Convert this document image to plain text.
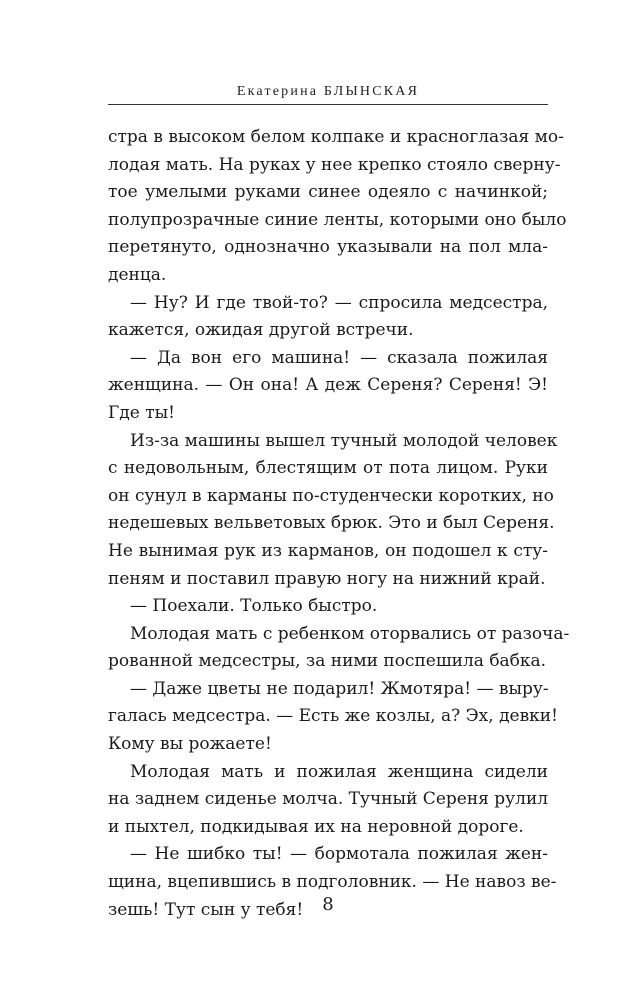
Екатерина БЛЫНСКАЯ
стра в высоком белом колпаке и красноглазая мо-
лодая мать. На руках у нее крепко стояло сверну-
тое умелыми руками синее одеяло с начинкой;
полупрозрачные синие ленты, которыми оно было
перетянуто, однозначно указывали на пол мла-
денца.
— Ну? И где твой-то? — спросила медсестра,
кажется, ожидая другой встречи.
— Да вон его машина! — сказала пожилая
женщина. — Он она! А деж Сереня? Сереня! Э!
Где ты!
Из-за машины вышел тучный молодой человек
с недовольным, блестящим от пота лицом. Руки
он сунул в карманы по-студенчески коротких, но
недешевых вельветовых брюк. Это и был Сереня.
Не вынимая рук из карманов, он подошел к сту-
пеням и поставил правую ногу на нижний край.
— Поехали. Только быстро.
Молодая мать с ребенком оторвались от разоча-
рованной медсестры, за ними поспешила бабка.
— Даже цветы не подарил! Жмотяра! — выру-
галась медсестра. — Есть же козлы, а? Эх, девки!
Кому вы рожаете!
Молодая мать и пожилая женщина сидели
на заднем сиденье молча. Тучный Сереня рулил
и пыхтел, подкидывая их на неровной дороге.
— Не шибко ты! — бормотала пожилая жен-
щина, вцепившись в подголовник. — Не навоз ве-
зешь! Тут сын у тебя!	8
